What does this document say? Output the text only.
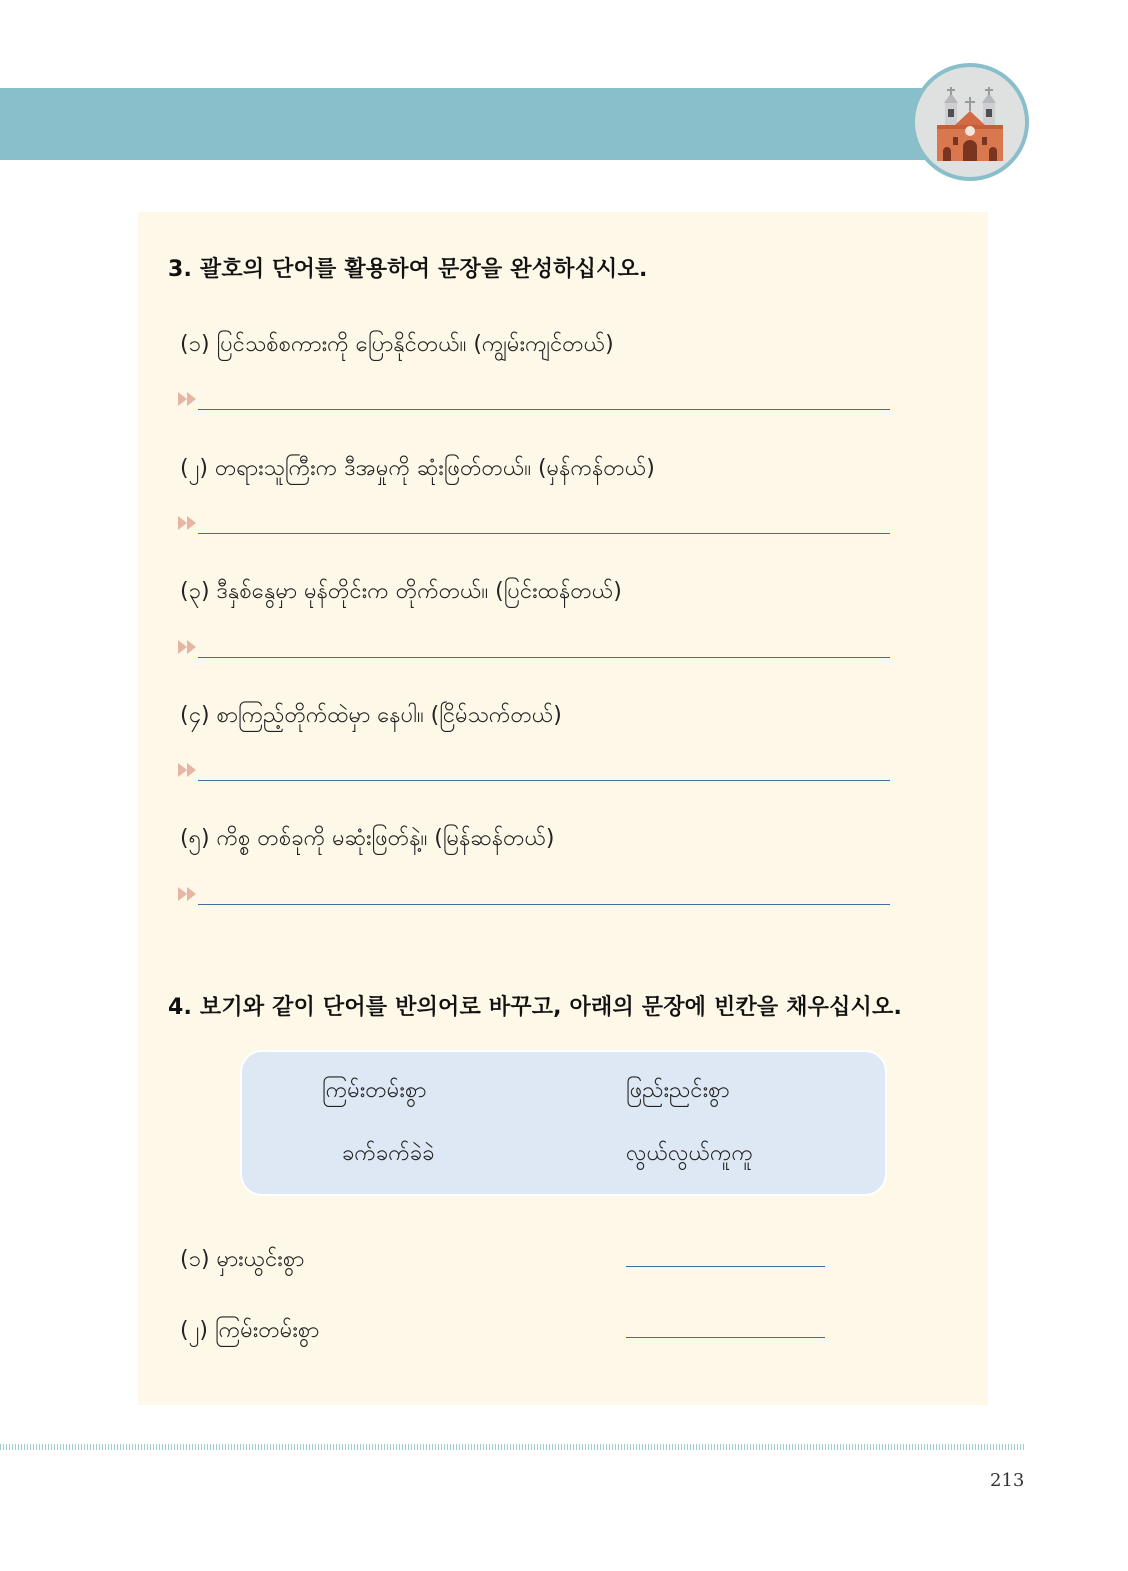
3. 괄호의 단어를 활용하여 문장을 완성하십시오.
(၁) ပြင်သစ်စကားကို ပြောနိုင်တယ်။ (ကျွမ်းကျင်တယ်)
(၂) တရားသူကြီးက ဒီအမှုကို ဆုံးဖြတ်တယ်။ (မှန်ကန်တယ်)
(၃) ဒီနှစ်နွေမှာ မုန်တိုင်းက တိုက်တယ်။ (ပြင်းထန်တယ်)
(၄) စာကြည့်တိုက်ထဲမှာ နေပါ။ (ငြိမ်သက်တယ်)
(၅) ကိစ္စ တစ်ခုကို မဆုံးဖြတ်နဲ့။ (မြန်ဆန်တယ်)
4. 보기와 같이 단어를 반의어로 바꾸고, 아래의 문장에 빈칸을 채우십시오.
ကြမ်းတမ်းစွာ	ဖြည်းညင်းစွာ
ခက်ခက်ခဲခဲ	လွယ်လွယ်ကူကူ
(၁) မှားယွင်းစွာ
(၂) ကြမ်းတမ်းစွာ
213
